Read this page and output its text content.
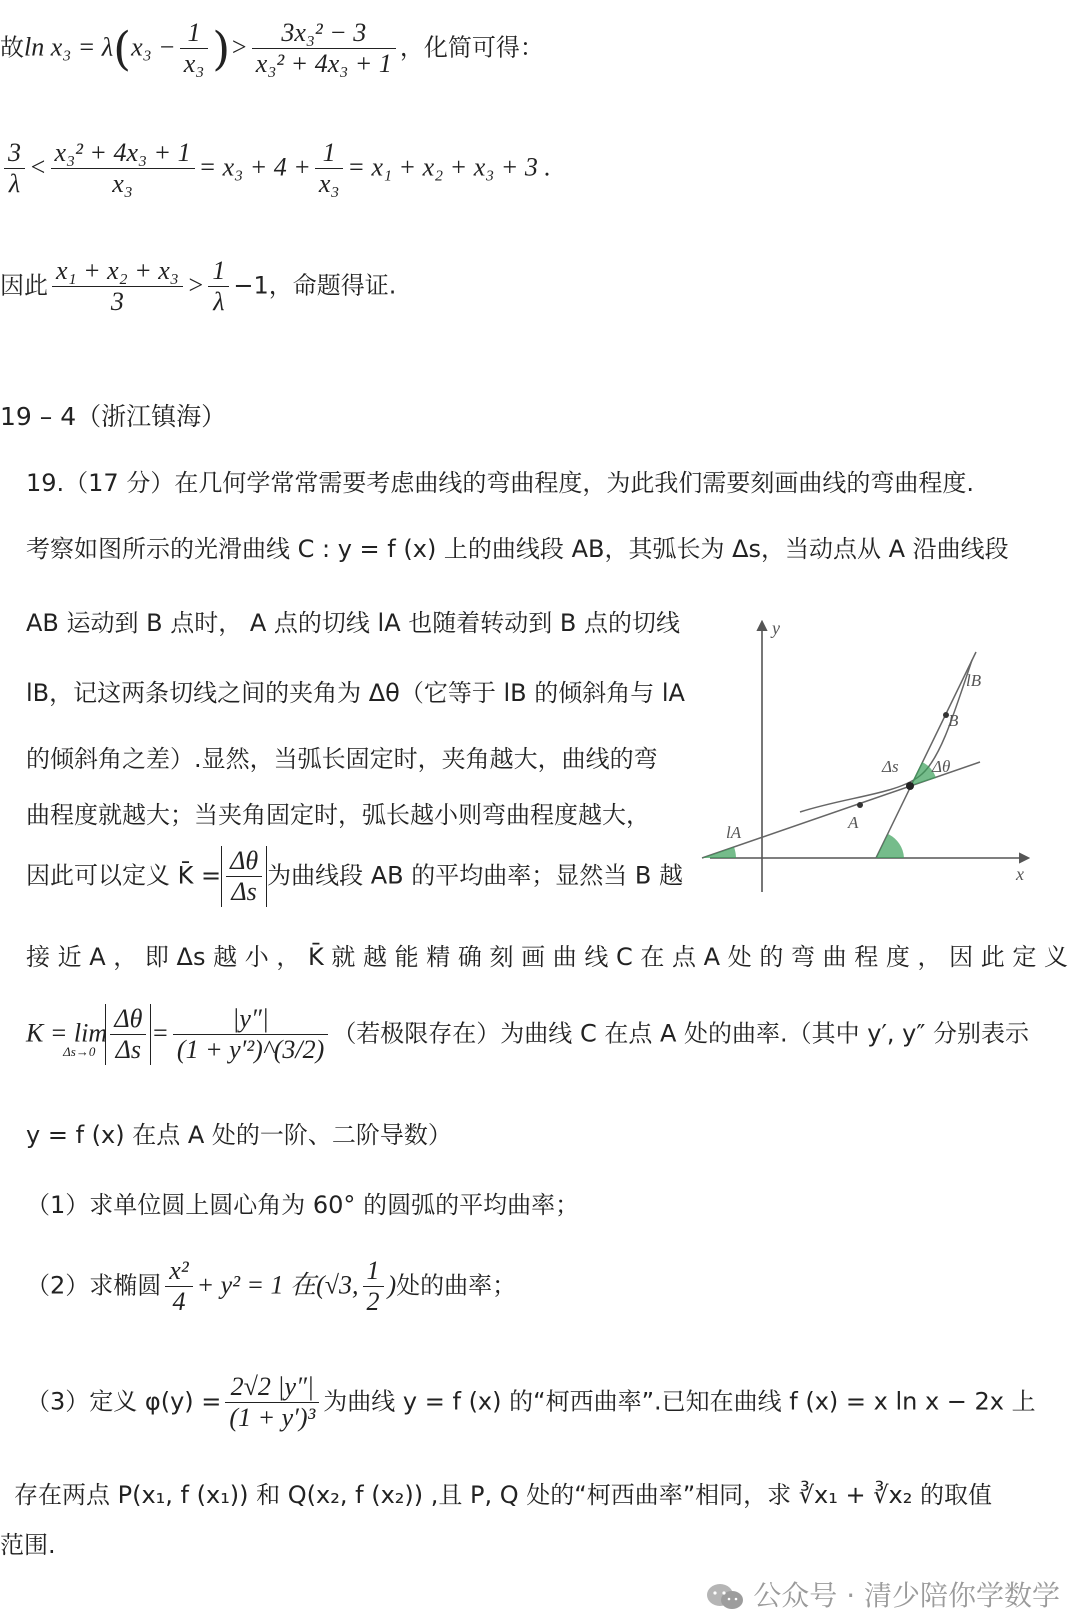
故$\ln x_3 = \lambda(x_3 - \frac{1}{\text{x₃}}$ )> $\frac{\text{3x₃² − 3}}{\text{x₃² + 4x₃ + 1}}$ ，化简可得：
$\frac{3}{\lambda} < \frac{\text{x₃² + 4x₃ + 1}}{\text{x₃}} = x_3 + 4 + \frac{1}{\text{x₃}} = x_1 + x_2 + x_3 + 3$ .
因此 $\frac{\text{x₁ + x₂ + x₃}}{3} > \frac{1}{\lambda} -1$，命题得证.
19 – 4（浙江镇海）
19.（17 分）在几何学常常需要考虑曲线的弯曲程度，为此我们需要刻画曲线的弯曲程度.
考察如图所示的光滑曲线 C : y = f (x) 上的曲线段 AB，其弧长为 Δs，当动点从 A 沿曲线段
AB 运动到 B 点时， A 点的切线 lA 也随着转动到 B 点的切线
lB，记这两条切线之间的夹角为 Δθ（它等于 lB 的倾斜角与 lA
的倾斜角之差）.显然，当弧长固定时，夹角越大，曲线的弯
曲程度就越大；当夹角固定时，弧长越小则弯曲程度越大，
因此可以定义 K̄ = $\frac{\Delta\theta}{\Delta s}$ 为曲线段 AB 的平均曲率；显然当 B 越
接 近 A ， 即 Δs 越 小 ， K̄ 就 越 能 精 确 刻 画 曲 线 C 在 点 A 处 的 弯 曲 程 度 ， 因 此 定 义
$K = \lim_{\Delta s\to 0} \frac{\Delta\theta}{\Delta s} = \frac{|y''|}{\text{(1 + y′²)\textasciicircum{}(3/2)}}$ （若极限存在）为曲线 C 在点 A 处的曲率.（其中 y′, y″ 分别表示
y = f (x) 在点 A 处的一阶、二阶导数）
（1）求单位圆上圆心角为 60° 的圆弧的平均曲率；
（2）求椭圆 $\frac{\text{x²}}{4} + y^2 = 1$ 在(√3, $\frac{1}{2}$ )处的曲率；
（3）定义 $\varphi(y) = \frac{2√2 |y''|}{\text{(1 + y′)³}}$ 为曲线 y = f (x) 的“柯西曲率”.已知在曲线 f (x) = x ln x − 2x 上
存在两点 P(x₁, f (x₁)) 和 Q(x₂, f (x₂)) ,且 P, Q 处的“柯西曲率”相同，求 ∛x₁ + ∛x₂ 的取值
范围.
y
x
lB
B
Δs Δθ
A
lA
公众号 · 清少陪你学数学
